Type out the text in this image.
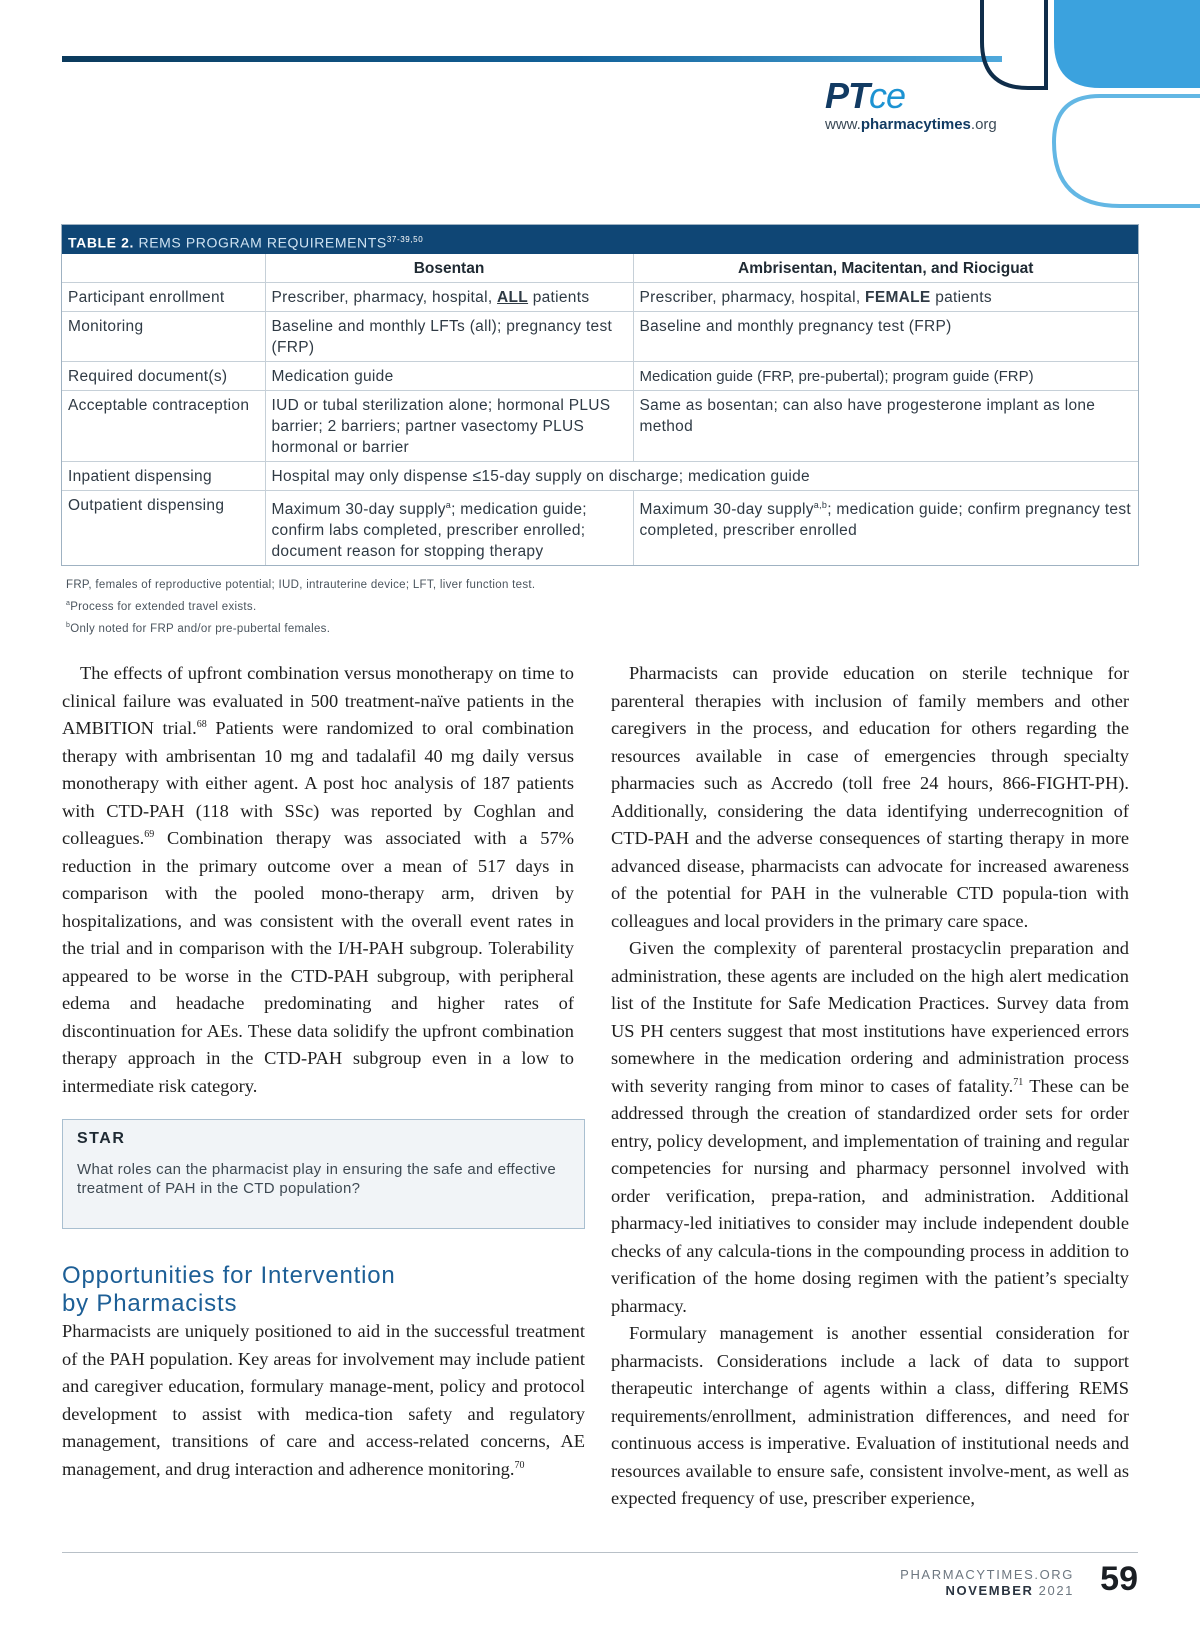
PTce
www.pharmacytimes.org
TABLE 2. REMS PROGRAM REQUIREMENTS$^{37-39,50}$
	Bosentan	Ambrisentan, Macitentan, and Riociguat
Participant enrollment	Prescriber, pharmacy, hospital, ALL patients	Prescriber, pharmacy, hospital, FEMALE patients
Monitoring	Baseline and monthly LFTs (all); pregnancy test (FRP)	Baseline and monthly pregnancy test (FRP)
Required document(s)	Medication guide	Medication guide (FRP, pre-pubertal); program guide (FRP)
Acceptable contraception	IUD or tubal sterilization alone; hormonal PLUS barrier; 2 barriers; partner vasectomy PLUS hormonal or barrier	Same as bosentan; can also have progesterone implant as lone method
Inpatient dispensing	Hospital may only dispense ≤15-day supply on discharge; medication guide	
Outpatient dispensing	Maximum 30-day supply$^a$; medication guide; confirm labs completed, prescriber enrolled; document reason for stopping therapy	Maximum 30-day supply$^{a,b}$; medication guide; confirm pregnancy test completed, prescriber enrolled
FRP, females of reproductive potential; IUD, intrauterine device; LFT, liver function test.
$^a$Process for extended travel exists.
$^b$Only noted for FRP and/or pre-pubertal females.

The effects of upfront combination versus monotherapy on time to clinical failure was evaluated in 500 treatment-naïve patients in the AMBITION trial.$^{68}$ Patients were randomized to oral combination therapy with ambrisentan 10 mg and tadalafil 40 mg daily versus monotherapy with either agent. A post hoc analysis of 187 patients with CTD-PAH (118 with SSc) was reported by Coghlan and colleagues.$^{69}$ Combination therapy was associated with a 57% reduction in the primary outcome over a mean of 517 days in comparison with the pooled mono-therapy arm, driven by hospitalizations, and was consistent with the overall event rates in the trial and in comparison with the I/H-PAH subgroup. Tolerability appeared to be worse in the CTD-PAH subgroup, with peripheral edema and headache predominating and higher rates of discontinuation for AEs. These data solidify the upfront combination therapy approach in the CTD-PAH subgroup even in a low to intermediate risk category.

STAR
What roles can the pharmacist play in ensuring the safe and effective treatment of PAH in the CTD population?
Opportunities for Intervention
by Pharmacists
Pharmacists are uniquely positioned to aid in the successful treatment of the PAH population. Key areas for involvement may include patient and caregiver education, formulary manage-ment, policy and protocol development to assist with medica-tion safety and regulatory management, transitions of care and access-related concerns, AE management, and drug interaction and adherence monitoring.$^{70}$

Pharmacists can provide education on sterile technique for parenteral therapies with inclusion of family members and other caregivers in the process, and education for others regarding the resources available in case of emergencies through specialty pharmacies such as Accredo (toll free 24 hours, 866-FIGHT-PH). Additionally, considering the data identifying underrecognition of CTD-PAH and the adverse consequences of starting therapy in more advanced disease, pharmacists can advocate for increased awareness of the potential for PAH in the vulnerable CTD popula-tion with colleagues and local providers in the primary care space.

Given the complexity of parenteral prostacyclin preparation and administration, these agents are included on the high alert medication list of the Institute for Safe Medication Practices. Survey data from US PH centers suggest that most institutions have experienced errors somewhere in the medication ordering and administration process with severity ranging from minor to cases of fatality.$^{71}$ These can be addressed through the creation of standardized order sets for order entry, policy development, and implementation of training and regular competencies for nursing and pharmacy personnel involved with order verification, prepa-ration, and administration. Additional pharmacy-led initiatives to consider may include independent double checks of any calcula-tions in the compounding process in addition to verification of the home dosing regimen with the patient’s specialty pharmacy.

Formulary management is another essential consideration for pharmacists. Considerations include a lack of data to support therapeutic interchange of agents within a class, differing REMS requirements/enrollment, administration differences, and need for continuous access is imperative. Evaluation of institutional needs and resources available to ensure safe, consistent involve-ment, as well as expected frequency of use, prescriber experience,

PHARMACYTIMES.ORG
NOVEMBER 2021 59
